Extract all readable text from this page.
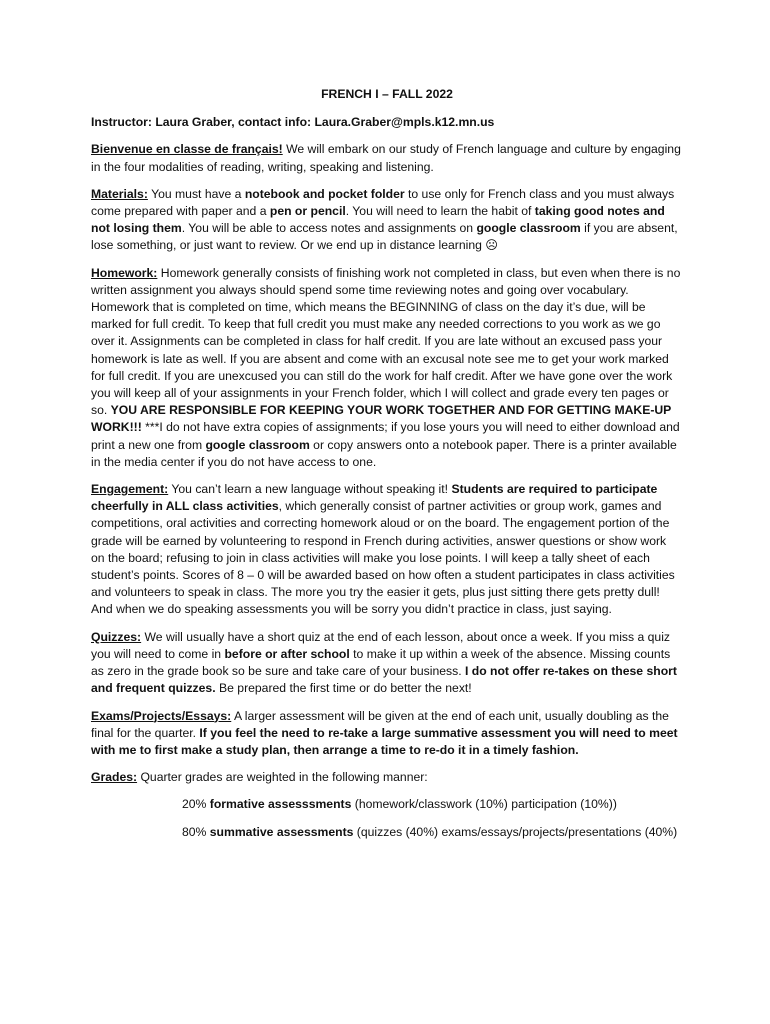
FRENCH I – FALL 2022

Instructor: Laura Graber, contact info: Laura.Graber@mpls.k12.mn.us

Bienvenue en classe de français! We will embark on our study of French language and culture by engaging in the four modalities of reading, writing, speaking and listening.

Materials: You must have a notebook and pocket folder to use only for French class and you must always come prepared with paper and a pen or pencil. You will need to learn the habit of taking good notes and not losing them. You will be able to access notes and assignments on google classroom if you are absent, lose something, or just want to review. Or we end up in distance learning ☹

Homework: Homework generally consists of finishing work not completed in class, but even when there is no written assignment you always should spend some time reviewing notes and going over vocabulary. Homework that is completed on time, which means the BEGINNING of class on the day it’s due, will be marked for full credit. To keep that full credit you must make any needed corrections to you work as we go over it. Assignments can be completed in class for half credit. If you are late without an excused pass your homework is late as well. If you are absent and come with an excusal note see me to get your work marked for full credit. If you are unexcused you can still do the work for half credit. After we have gone over the work you will keep all of your assignments in your French folder, which I will collect and grade every ten pages or so. YOU ARE RESPONSIBLE FOR KEEPING YOUR WORK TOGETHER AND FOR GETTING MAKE-UP WORK!!! ***I do not have extra copies of assignments; if you lose yours you will need to either download and print a new one from google classroom or copy answers onto a notebook paper. There is a printer available in the media center if you do not have access to one.

Engagement: You can’t learn a new language without speaking it! Students are required to participate cheerfully in ALL class activities, which generally consist of partner activities or group work, games and competitions, oral activities and correcting homework aloud or on the board. The engagement portion of the grade will be earned by volunteering to respond in French during activities, answer questions or show work on the board; refusing to join in class activities will make you lose points. I will keep a tally sheet of each student’s points. Scores of 8 – 0 will be awarded based on how often a student participates in class activities and volunteers to speak in class. The more you try the easier it gets, plus just sitting there gets pretty dull! And when we do speaking assessments you will be sorry you didn’t practice in class, just saying.

Quizzes: We will usually have a short quiz at the end of each lesson, about once a week. If you miss a quiz you will need to come in before or after school to make it up within a week of the absence. Missing counts as zero in the grade book so be sure and take care of your business. I do not offer re-takes on these short and frequent quizzes. Be prepared the first time or do better the next!

Exams/Projects/Essays: A larger assessment will be given at the end of each unit, usually doubling as the final for the quarter. If you feel the need to re-take a large summative assessment you will need to meet with me to first make a study plan, then arrange a time to re-do it in a timely fashion.

Grades: Quarter grades are weighted in the following manner:

20% formative assesssments (homework/classwork (10%) participation (10%))

80% summative assessments (quizzes (40%) exams/essays/projects/presentations (40%)
